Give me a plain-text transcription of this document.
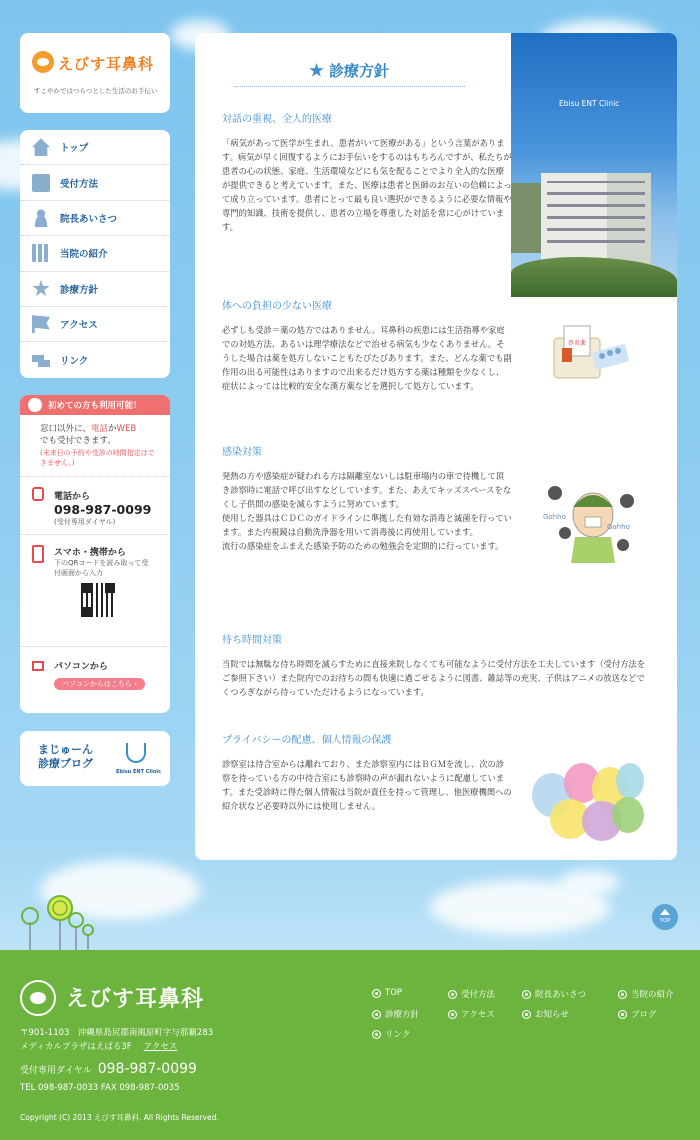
えびす耳鼻科
すこやかではつらつとした生活のお手伝い
トップ
受付方法
院長あいさつ
当院の紹介
診療方針
アクセス
リンク
初めての方も利用可能！
窓口以外に、電話かWEB
でも受付できます。
(未来日の予約や受診の時間指定はできません。)
電話から
098-987-0099
(受付専用ダイヤル)
スマホ・携帯から
下のQRコードを読み取って受付画面から入力
パソコンから
パソコンからはこちら ›
まじゅーん
診療ブログ
Ebisu ENT Clinic
Ebisu ENT Clinic
診療方針
対話の重視、全人的医療

「病気があって医学が生まれ、患者がいて医療がある」という言葉があります。病気が早く回復するようにお手伝いをするのはもちろんですが、私たちが患者の心の状態、家庭、生活環境などにも気を配ることでより全人的な医療が提供できると考えています。また、医療は患者と医師のお互いの信頼によって成り立っています。患者にとって最も良い選択ができるように必要な情報や専門的知識、技術を提供し、患者の立場を尊重した対話を常に心がけています。

体への負担の少ない医療

必ずしも受診＝薬の処方ではありません。耳鼻科の疾患には生活指導や家庭での対処方法、あるいは理学療法などで治せる病気も少なくありません。そうした場合は薬を処方しないこともたびたびあります。また、どんな薬でも副作用の出る可能性はありますので出来るだけ処方する薬は種類を少なくし、症状によっては比較的安全な漢方薬などを選択して処方しています。

鼻炎薬
感染対策

発熱の方や感染症が疑われる方は隔離室ないしは駐車場内の車で待機して頂き診察時に電話で呼び出すなどしています。また、あえてキッズスペースをなくし子供間の感染を減らすように努めています。
使用した器具はＣＤＣのガイドラインに準拠した有効な消毒と滅菌を行っています。また内視鏡は自動洗浄器を用いて消毒後に再使用しています。
流行の感染症をふまえた感染予防のための勉強会を定期的に行っています。

Gohho
Gohho
待ち時間対策

当院では無駄な待ち時間を減らすために直接来院しなくても可能なように受付方法を工夫しています（受付方法をご参照下さい）また院内でのお待ちの間も快適に過ごせるように図書、雑誌等の充実、子供はアニメの放送などでくつろぎながら待っていただけるようになっています。

プライバシーの配慮、個人情報の保護

診察室は待合室からは離れており、また診察室内にはＢＧＭを流し、次の診察を待っている方の中待合室にも診察時の声が漏れないように配慮しています。また受診時に得た個人情報は当院が責任を持って管理し、他医療機関への紹介状など必要時以外には使用しません。

TOP
えびす耳鼻科
〒901-1103　沖縄県島尻郡南風原町字与那覇283
メディカルプラザはえばる3F アクセス
受付専用ダイヤル 098-987-0099
TEL 098-987-0033 FAX 098-987-0035
Copyright (C) 2013 えびす耳鼻科. All Rights Reserved.
TOP	受付方法	院長あいさつ	当院の紹介
診療方針	アクセス	お知らせ	ブログ
リンク
